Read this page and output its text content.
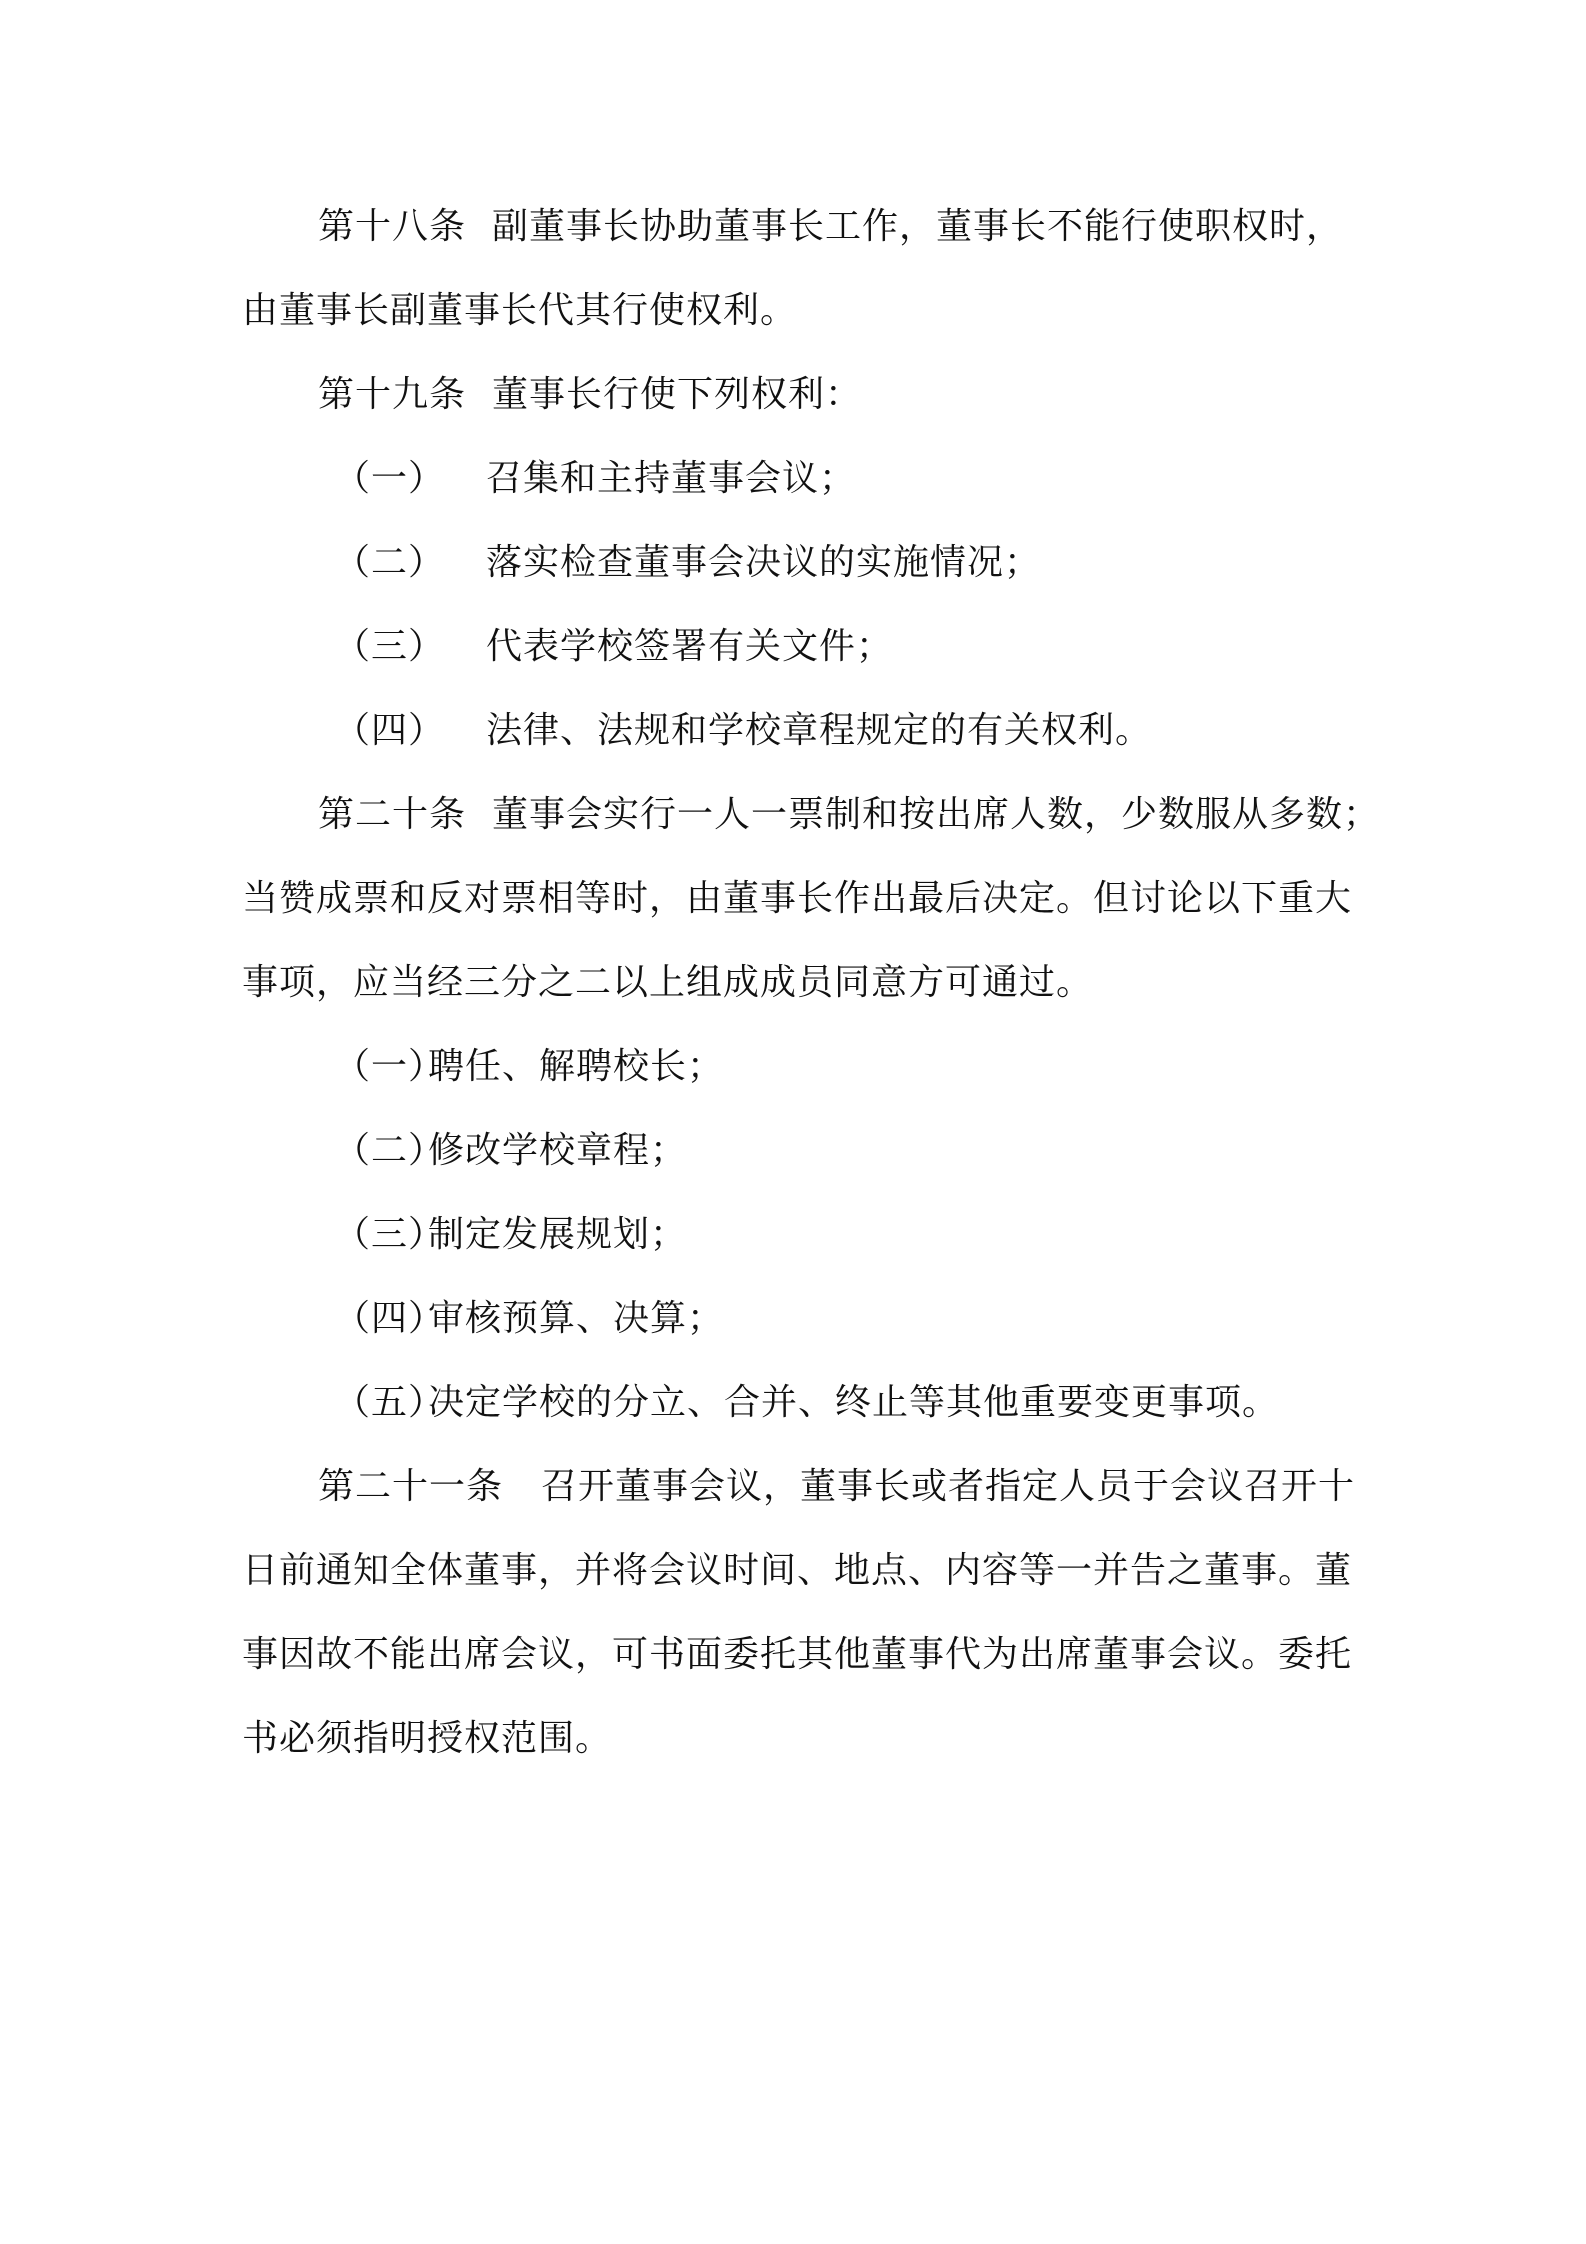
第十八条 副董事长协助董事长工作，董事长不能行使职权时，
由董事长副董事长代其行使权利。
第十九条 董事长行使下列权利：
（一） 召集和主持董事会议；
（二） 落实检查董事会决议的实施情况；
（三） 代表学校签署有关文件；
（四） 法律、法规和学校章程规定的有关权利。
第二十条 董事会实行一人一票制和按出席人数，少数服从多数；
当赞成票和反对票相等时，由董事长作出最后决定。但讨论以下重大
事项，应当经三分之二以上组成成员同意方可通过。
（一）聘任、解聘校长；
（二）修改学校章程；
（三）制定发展规划；
（四）审核预算、决算；
（五）决定学校的分立、合并、终止等其他重要变更事项。
第二十一条 召开董事会议，董事长或者指定人员于会议召开十
日前通知全体董事，并将会议时间、地点、内容等一并告之董事。董
事因故不能出席会议，可书面委托其他董事代为出席董事会议。委托
书必须指明授权范围。
